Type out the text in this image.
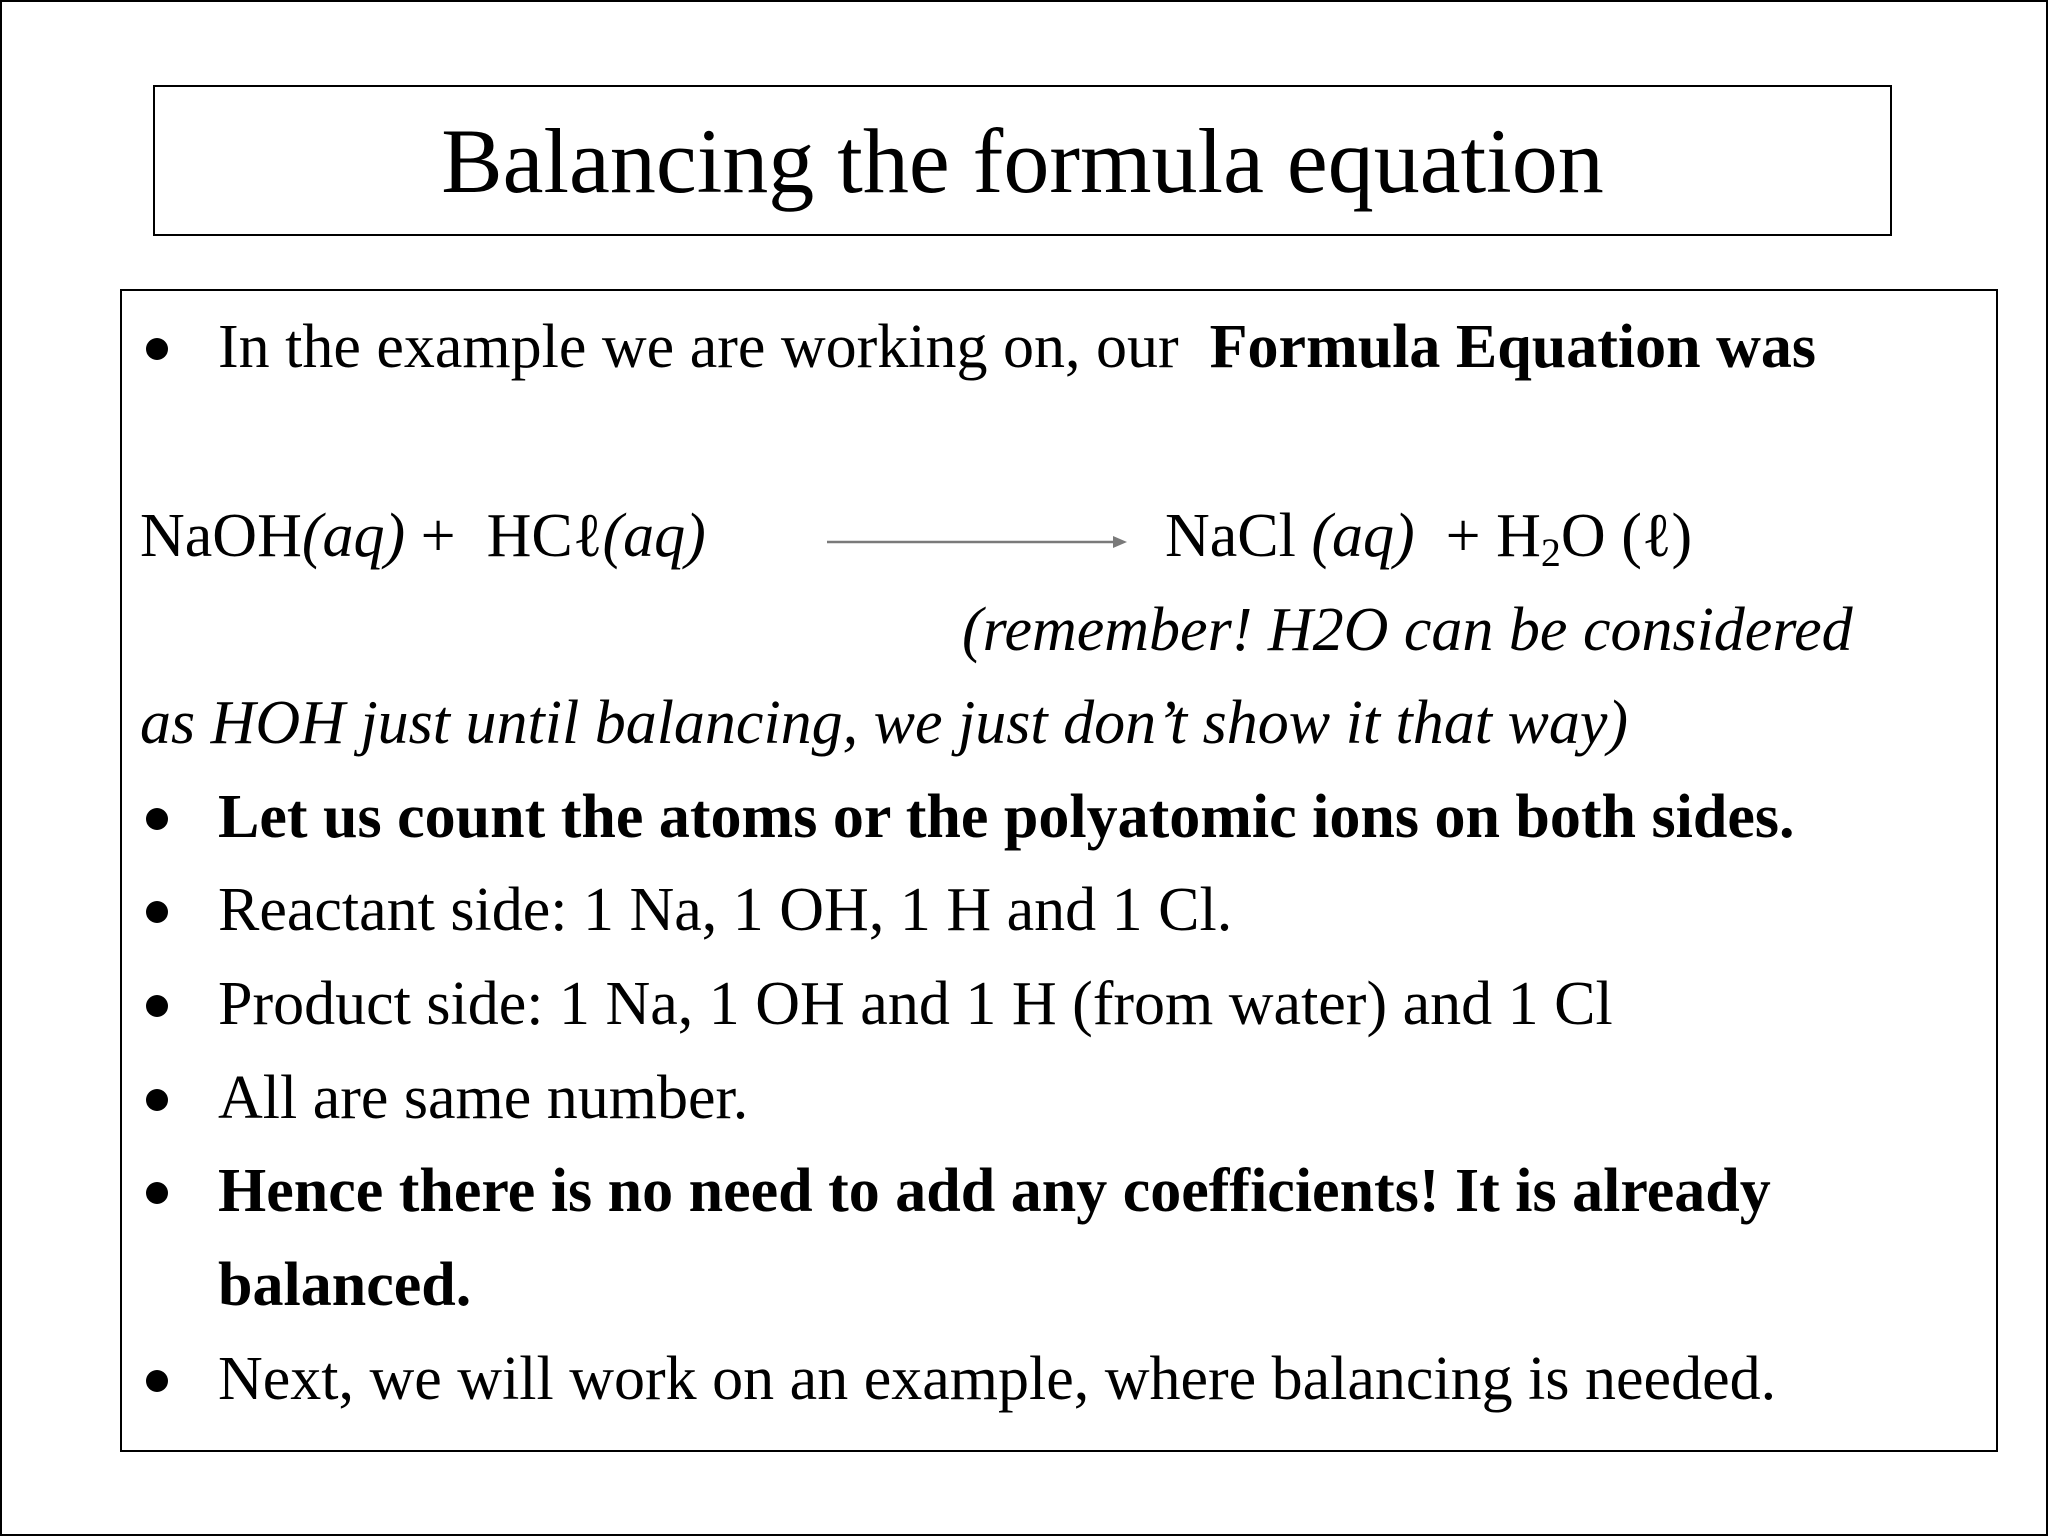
Balancing the formula equation
In the example we are working on, our Formula Equation was
NaOH(aq) + HCℓ(aq)	NaCl $(aq) + H_2O$ (ℓ)
(remember! H2O can be considered
as HOH just until balancing, we just don’t show it that way)
Let us count the atoms or the polyatomic ions on both sides.
Reactant side: 1 Na, 1 OH, 1 H and 1 Cl.
Product side: 1 Na, 1 OH and 1 H (from water) and 1 Cl
All are same number.
Hence there is no need to add any coefficients! It is already
balanced.
Next, we will work on an example, where balancing is needed.
